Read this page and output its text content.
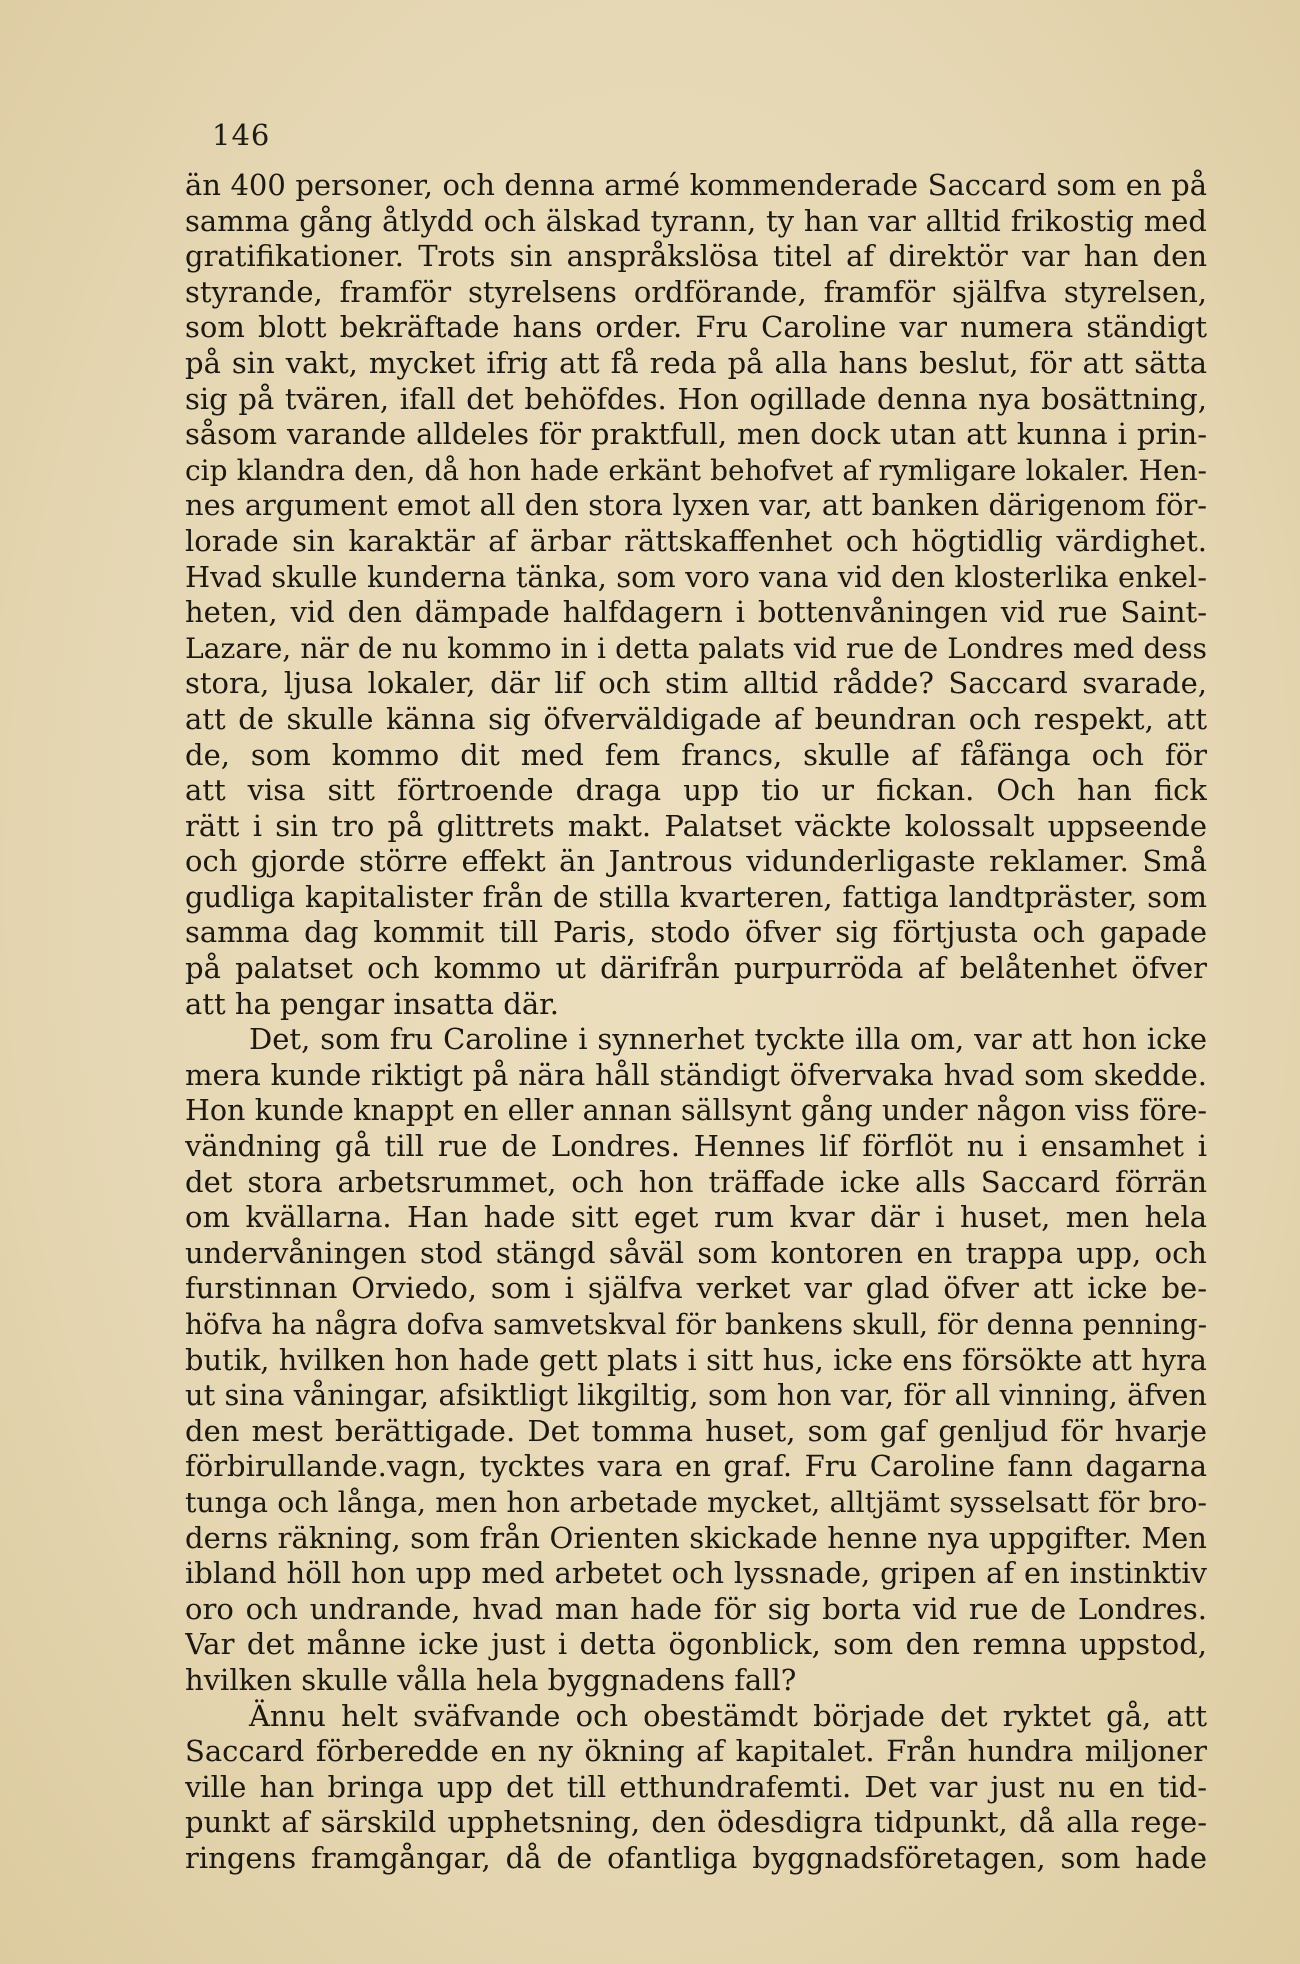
146
än 400 personer, och denna armé kommenderade Saccard som en på
samma gång åtlydd och älskad tyrann, ty han var alltid frikostig med
gratifikationer. Trots sin anspråkslösa titel af direktör var han den
styrande, framför styrelsens ordförande, framför själfva styrelsen,
som blott bekräftade hans order. Fru Caroline var numera ständigt
på sin vakt, mycket ifrig att få reda på alla hans beslut, för att sätta
sig på tvären, ifall det behöfdes. Hon ogillade denna nya bosättning,
såsom varande alldeles för praktfull, men dock utan att kunna i prin-
cip klandra den, då hon hade erkänt behofvet af rymligare lokaler. Hen-
nes argument emot all den stora lyxen var, att banken därigenom för-
lorade sin karaktär af ärbar rättskaffenhet och högtidlig värdighet.
Hvad skulle kunderna tänka, som voro vana vid den klosterlika enkel-
heten, vid den dämpade halfdagern i bottenvåningen vid rue Saint-
Lazare, när de nu kommo in i detta palats vid rue de Londres med dess
stora, ljusa lokaler, där lif och stim alltid rådde? Saccard svarade,
att de skulle känna sig öfverväldigade af beundran och respekt, att
de, som kommo dit med fem francs, skulle af fåfänga och för
att visa sitt förtroende draga upp tio ur fickan. Och han fick
rätt i sin tro på glittrets makt. Palatset väckte kolossalt uppseende
och gjorde större effekt än Jantrous vidunderligaste reklamer. Små
gudliga kapitalister från de stilla kvarteren, fattiga landtpräster, som
samma dag kommit till Paris, stodo öfver sig förtjusta och gapade
på palatset och kommo ut därifrån purpurröda af belåtenhet öfver
att ha pengar insatta där.
Det, som fru Caroline i synnerhet tyckte illa om, var att hon icke
mera kunde riktigt på nära håll ständigt öfvervaka hvad som skedde.
Hon kunde knappt en eller annan sällsynt gång under någon viss före-
vändning gå till rue de Londres. Hennes lif förflöt nu i ensamhet i
det stora arbetsrummet, och hon träffade icke alls Saccard förrän
om kvällarna. Han hade sitt eget rum kvar där i huset, men hela
undervåningen stod stängd såväl som kontoren en trappa upp, och
furstinnan Orviedo, som i själfva verket var glad öfver att icke be-
höfva ha några dofva samvetskval för bankens skull, för denna penning-
butik, hvilken hon hade gett plats i sitt hus, icke ens försökte att hyra
ut sina våningar, afsiktligt likgiltig, som hon var, för all vinning, äfven
den mest berättigade. Det tomma huset, som gaf genljud för hvarje
förbirullande.vagn, tycktes vara en graf. Fru Caroline fann dagarna
tunga och långa, men hon arbetade mycket, alltjämt sysselsatt för bro-
derns räkning, som från Orienten skickade henne nya uppgifter. Men
ibland höll hon upp med arbetet och lyssnade, gripen af en instinktiv
oro och undrande, hvad man hade för sig borta vid rue de Londres.
Var det månne icke just i detta ögonblick, som den remna uppstod,
hvilken skulle vålla hela byggnadens fall?
Ännu helt sväfvande och obestämdt började det ryktet gå, att
Saccard förberedde en ny ökning af kapitalet. Från hundra miljoner
ville han bringa upp det till etthundrafemti. Det var just nu en tid-
punkt af särskild upphetsning, den ödesdigra tidpunkt, då alla rege-
ringens framgångar, då de ofantliga byggnadsföretagen, som hade
